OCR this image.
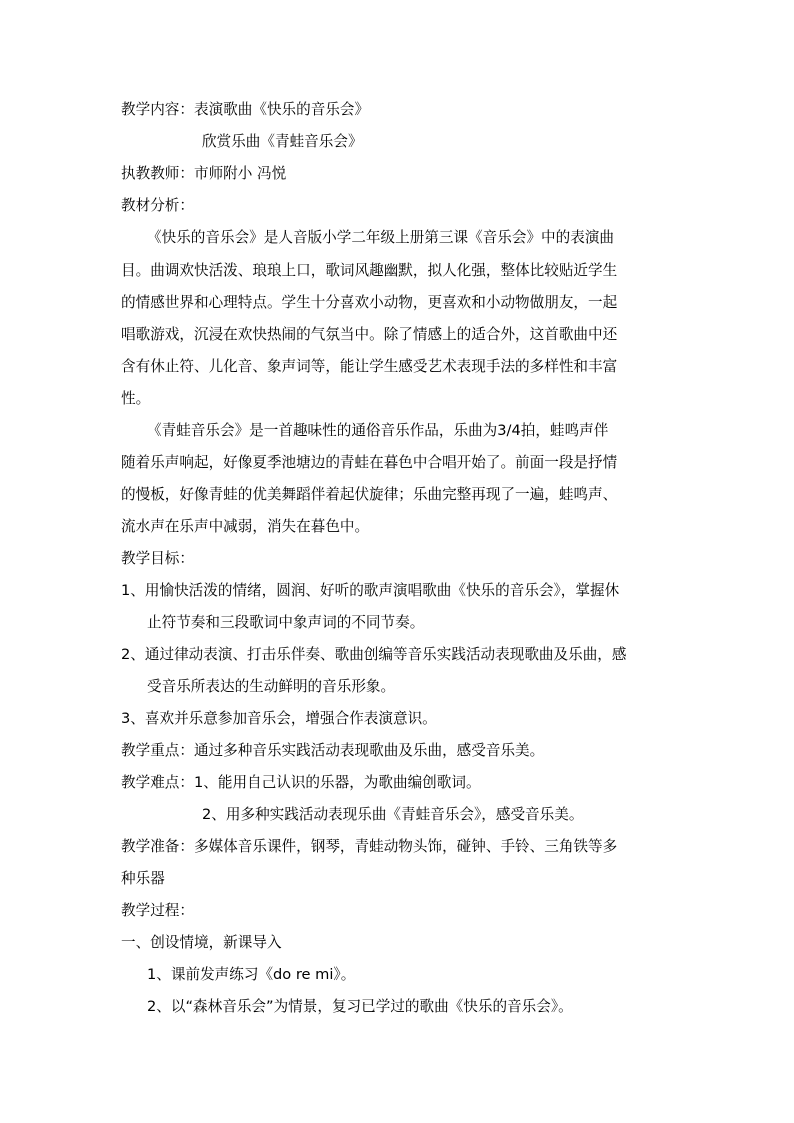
教学内容：表演歌曲《快乐的音乐会》
欣赏乐曲《青蛙音乐会》
执教教师：市师附小 冯悦
教材分析：
《快乐的音乐会》是人音版小学二年级上册第三课《音乐会》中的表演曲
目。曲调欢快活泼、琅琅上口，歌词风趣幽默，拟人化强，整体比较贴近学生
的情感世界和心理特点。学生十分喜欢小动物，更喜欢和小动物做朋友，一起
唱歌游戏，沉浸在欢快热闹的气氛当中。除了情感上的适合外，这首歌曲中还
含有休止符、儿化音、象声词等，能让学生感受艺术表现手法的多样性和丰富
性。
《青蛙音乐会》是一首趣味性的通俗音乐作品，乐曲为3/4拍，蛙鸣声伴
随着乐声响起，好像夏季池塘边的青蛙在暮色中合唱开始了。前面一段是抒情
的慢板，好像青蛙的优美舞蹈伴着起伏旋律；乐曲完整再现了一遍，蛙鸣声、
流水声在乐声中减弱，消失在暮色中。
教学目标：
1、用愉快活泼的情绪，圆润、好听的歌声演唱歌曲《快乐的音乐会》，掌握休
止符节奏和三段歌词中象声词的不同节奏。
2、通过律动表演、打击乐伴奏、歌曲创编等音乐实践活动表现歌曲及乐曲，感
受音乐所表达的生动鲜明的音乐形象。
3、喜欢并乐意参加音乐会，增强合作表演意识。
教学重点：通过多种音乐实践活动表现歌曲及乐曲，感受音乐美。
教学难点：1、能用自己认识的乐器，为歌曲编创歌词。
2、用多种实践活动表现乐曲《青蛙音乐会》，感受音乐美。
教学准备：多媒体音乐课件，钢琴，青蛙动物头饰，碰钟、手铃、三角铁等多
种乐器
教学过程：
一、创设情境，新课导入
1、课前发声练习《do re mi》。
2、以“森林音乐会”为情景，复习已学过的歌曲《快乐的音乐会》。
